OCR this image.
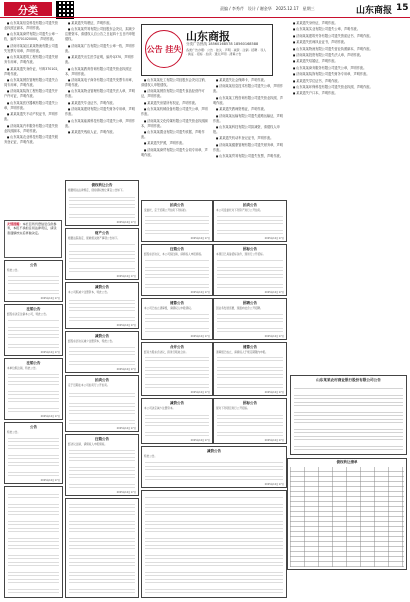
分类	责编 / 李秀芹　设计 / 谢金华　2025.12.17　星期三	山东商报 15
公告 挂失
山东商报
分类广告热线 18560168578 18560168588
各类广告办理：公告 · 挂失 · 声明 · 减资 · 注销 · 招聘 · 寻人 · 换证 · 招标 · 拍卖 · 遗失声明 · 清算公告

■ 山东某某信息科技有限公司遗失营业执照正副本，声明作废。

■ 山东某某商贸有限公司遗失公章一枚，编号3701020000，声明作废。

■ 济南市某某区某某物流有限公司遗失发票专用章，声明作废。

■ 山东某某建筑工程有限公司遗失财务专用章，声明作废。

■ 某某某遗失身份证，号码370102，声明作废。

■ 山东某某餐饮管理有限公司遗失合同专用章，声明作废。

■ 济南某某装饰工程有限公司遗失开户许可证，声明作废。

■ 山东某某医疗器械有限公司遗失公章，声明作废。

■ 某某某遗失不动产权证书，声明作废。

■ 济南某某汽车服务有限公司遗失营业执照副本，声明作废。

■ 山东某某农业科技有限公司遗失税务登记证，声明作废。

■ 某某遗失驾驶证，声明作废。

■ 山东某某贸易有限公司经股东会决议，拟减少注册资本，请债权人自公告之日起四十五日内申报债权。

■ 济南某某广告有限公司遗失公章一枚，声明作废。

■ 某某遗失出生医学证明，编号Q370，声明作废。

■ 山东某某教育咨询有限公司遗失营业执照正本，声明作废。

■ 济南某某电子商务有限公司遗失发票专用章，声明作废。

■ 山东某某物业管理有限公司遗失法人章，声明作废。

■ 某某遗失毕业证书，声明作废。

■ 济南某某建材有限公司遗失财务专用章，声明作废。

■ 山东某某能源科技有限公司遗失公章，声明作废。

■ 某某遗失残疾人证，声明作废。

■ 山东某某化工有限公司经股东会决议注销，请债权人申报债权。

■ 济南某某餐饮有限公司遗失食品经营许可证，声明作废。

■ 某某遗失房屋所有权证，声明作废。

■ 山东某某机械设备有限公司遗失公章，声明作废。

■ 济南某某文化传媒有限公司遗失营业执照副本，声明作废。

■ 山东某某置业有限公司遗失收据，声明作废。

■ 某某遗失护照，声明作废。

■ 济南某某商贸有限公司遗失合同专用章，声明作废。

■ 某某遗失社会保障卡，声明作废。

■ 济南某某信息技术有限公司遗失公章，声明作废。

■ 山东某某工程咨询有限公司遗失营业执照，声明作废。

■ 某某遗失教师资格证，声明作废。

■ 济南某某运输有限公司遗失道路运输证，声明作废。

■ 山东某某科技有限公司拟减资，请债权人申报。

■ 某某遗失机动车登记证书，声明作废。

■ 济南某某健康管理有限公司遗失财务章，声明作废。

■ 山东某某贸易有限公司遗失发票，声明作废。

■ 某某遗失身份证，声明作废。

■ 山东某某实业有限公司遗失公章，声明作废。

■ 济南某某建筑劳务有限公司遗失资质证书，声明作废。

■ 某某遗失医师执业证书，声明作废。

■ 山东某某物流有限公司遗失营业执照副本，声明作废。

■ 济南某某投资有限公司遗失法人章，声明作废。

■ 某某遗失结婚证，声明作废。

■ 山东某某商务服务有限公司遗失公章，声明作废。

■ 济南某某装饰有限公司遗失财务专用章，声明作废。

■ 某某遗失学位证书，声明作废。

■ 山东某某环保科技有限公司遗失营业执照，声明作废。

■ 某某遗失户口本，声明作废。

友情提醒：本栏目所刊登信息仅供参考，本报不承担任何法律责任，请读者谨慎核实后再做决定。
债权转让公告
根据相关法律规定，现将债权转让事宜公告如下。
2025年12月17日
拍卖公告
受委托，定于近期公开拍卖下列标的。
2025年12月17日
拍卖公告
本公司受委托对下列资产进行公开拍卖。
2025年12月17日
财产公告
根据法院裁定，现就相关财产事项公告如下。
2025年12月17日
注销公告
经股东会决议，本公司拟注销，请债权人申报债权。
2025年12月17日
招标公告
本项目已具备招标条件，现进行公开招标。
2025年12月17日
公告
特此公告。
2025年12月17日
减资公告
本公司拟减少注册资本，特此公告。
2025年12月17日
清算公告
本公司已成立清算组，请债权人申报债权。
2025年12月17日
招聘公告
因业务发展需要，现面向社会公开招聘。
2025年12月17日
注销公告
经股东决定注销本公司，特此公告。
2025年12月17日
减资公告
经股东会决议减少注册资本，特此公告。
2025年12月17日
合并公告
经双方股东会决议，拟进行吸收合并。
2025年12月17日
清算公告
清算组已成立，请债权人于规定期限内申报。
2025年12月17日
注销公告
本单位拟注销，特此公告。
2025年12月17日
拍卖公告
定于近期在本公司拍卖厅公开拍卖。
2025年12月17日
减资公告
本公司决定减少注册资本。
2025年12月17日
招标公告
现对下列项目进行公开招标。
2025年12月17日
公告
特此公告。
2025年12月17日
注销公告
经决议注销，请债权人申报债权。
2025年12月17日
减资公告
特此公告。
2025年12月17日
山东某某农村商业银行股份有限公司公告
债权转让清单
